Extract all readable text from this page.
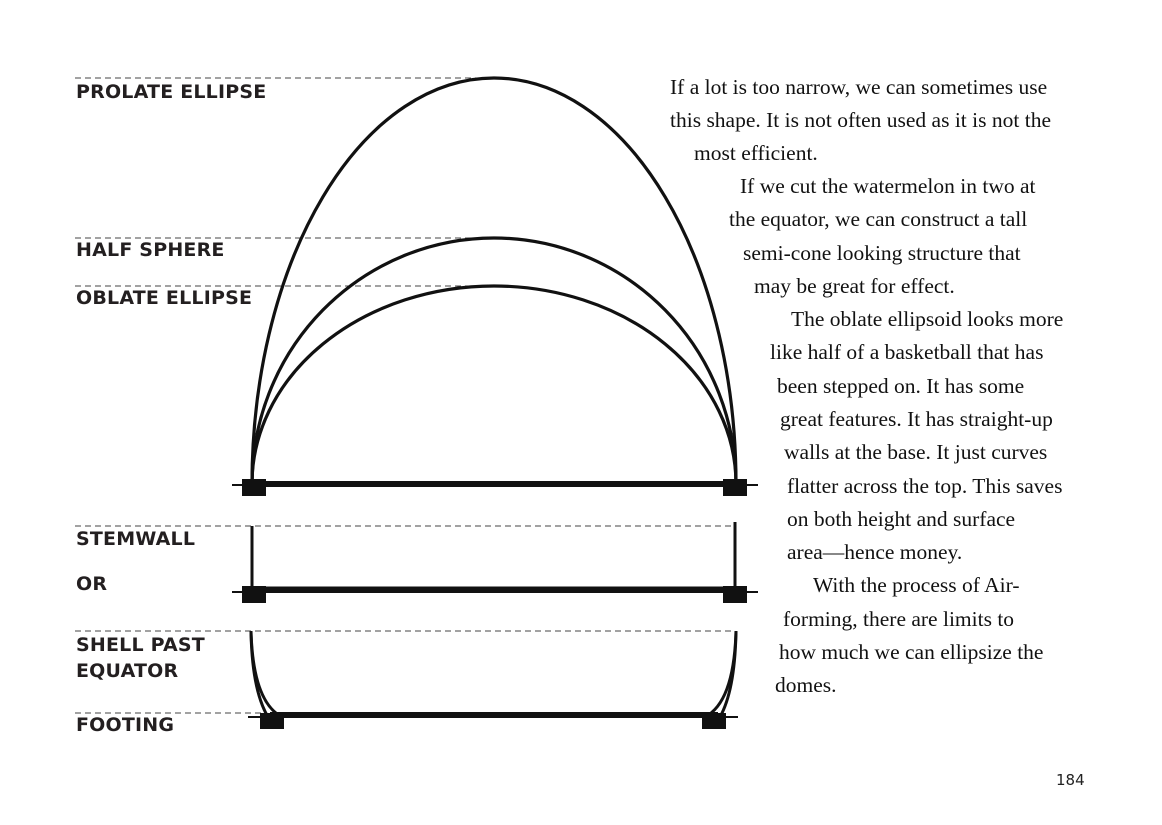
PROLATE ELLIPSE
HALF SPHERE
OBLATE ELLIPSE
STEMWALL
OR
SHELL PAST
EQUATOR
FOOTING
If a lot is too narrow, we can sometimes use
this shape. It is not often used as it is not the
most efficient.
If we cut the watermelon in two at
the equator, we can construct a tall
semi-cone looking structure that
may be great for effect.
The oblate ellipsoid looks more
like half of a basketball that has
been stepped on. It has some
great features. It has straight-up
walls at the base. It just curves
flatter across the top. This saves
on both height and surface
area—hence money.
With the process of Air-
forming, there are limits to
how much we can ellipsize the
domes.
184
